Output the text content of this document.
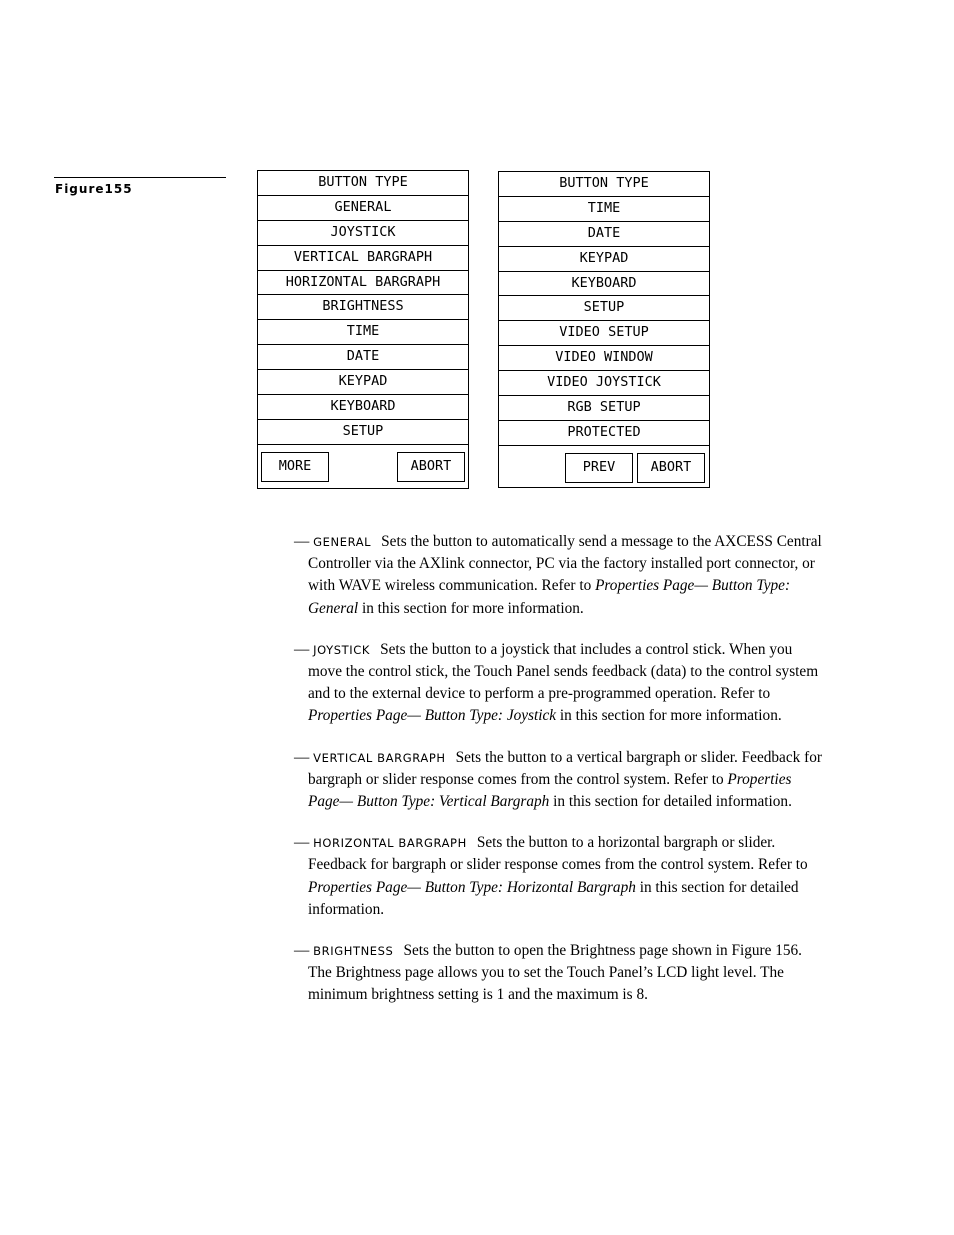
Figure155	BUTTON TYPE
GENERAL
JOYSTICK
VERTICAL BARGRAPH
HORIZONTAL BARGRAPH
BRIGHTNESS
TIME
DATE
KEYPAD
KEYBOARD
SETUP
MORE	ABORT
BUTTON TYPE
TIME
DATE
KEYPAD
KEYBOARD
SETUP
VIDEO SETUP
VIDEO WINDOW
VIDEO JOYSTICK
RGB SETUP
PROTECTED
PREV	ABORT

— GENERAL Sets the button to automatically send a message to the AXCESS Central Controller via the AXlink connector, PC via the factory installed port connector, or with WAVE wireless communication. Refer to Properties Page— Button Type: General in this section for more information.

— JOYSTICK Sets the button to a joystick that includes a control stick. When you move the control stick, the Touch Panel sends feedback (data) to the control system and to the external device to perform a pre-programmed operation. Refer to Properties Page— Button Type: Joystick in this section for more information.

— VERTICAL BARGRAPH Sets the button to a vertical bargraph or slider. Feedback for bargraph or slider response comes from the control system. Refer to Properties Page— Button Type: Vertical Bargraph in this section for detailed information.

— HORIZONTAL BARGRAPH Sets the button to a horizontal bargraph or slider. Feedback for bargraph or slider response comes from the control system. Refer to Properties Page— Button Type: Horizontal Bargraph in this section for detailed information.

— BRIGHTNESS Sets the button to open the Brightness page shown in Figure 156. The Brightness page allows you to set the Touch Panel’s LCD light level. The minimum brightness setting is 1 and the maximum is 8.
